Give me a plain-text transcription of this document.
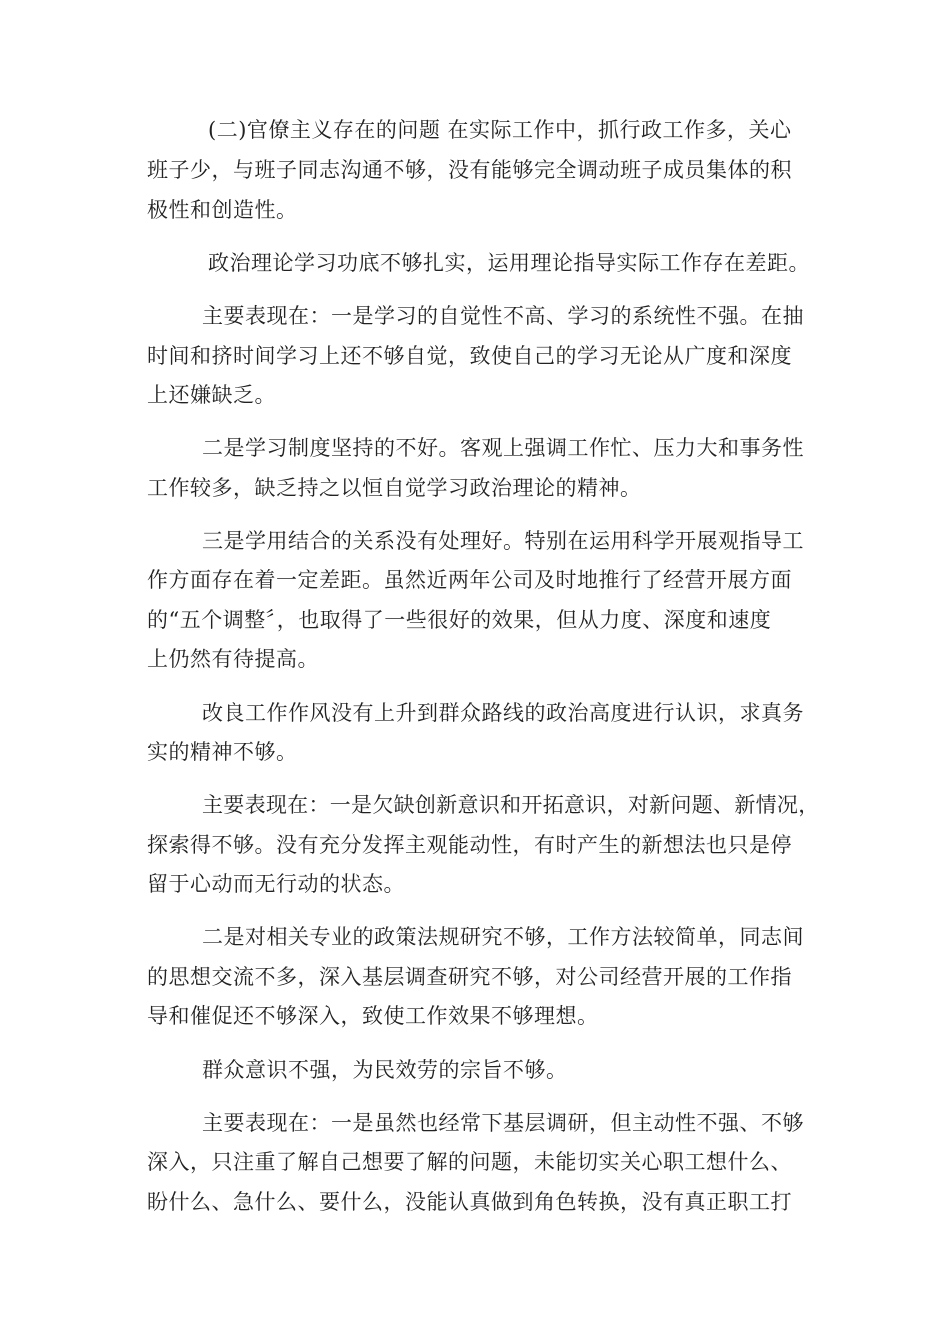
(二)官僚主义存在的问题 在实际工作中，抓行政工作多，关心
班子少，与班子同志沟通不够，没有能够完全调动班子成员集体的积
极性和创造性。
政治理论学习功底不够扎实，运用理论指导实际工作存在差距。
主要表现在：一是学习的自觉性不高、学习的系统性不强。在抽
时间和挤时间学习上还不够自觉，致使自己的学习无论从广度和深度
上还嫌缺乏。
二是学习制度坚持的不好。客观上强调工作忙、压力大和事务性
工作较多，缺乏持之以恒自觉学习政治理论的精神。
三是学用结合的关系没有处理好。特别在运用科学开展观指导工
作方面存在着一定差距。虽然近两年公司及时地推行了经营开展方面
的“五个调整〞，也取得了一些很好的效果，但从力度、深度和速度
上仍然有待提高。
改良工作作风没有上升到群众路线的政治高度进行认识，求真务
实的精神不够。
主要表现在：一是欠缺创新意识和开拓意识，对新问题、新情况，
探索得不够。没有充分发挥主观能动性，有时产生的新想法也只是停
留于心动而无行动的状态。
二是对相关专业的政策法规研究不够，工作方法较简单，同志间
的思想交流不多，深入基层调查研究不够，对公司经营开展的工作指
导和催促还不够深入，致使工作效果不够理想。
群众意识不强，为民效劳的宗旨不够。
主要表现在：一是虽然也经常下基层调研，但主动性不强、不够
深入，只注重了解自己想要了解的问题，未能切实关心职工想什么、
盼什么、急什么、要什么，没能认真做到角色转换，没有真正职工打
